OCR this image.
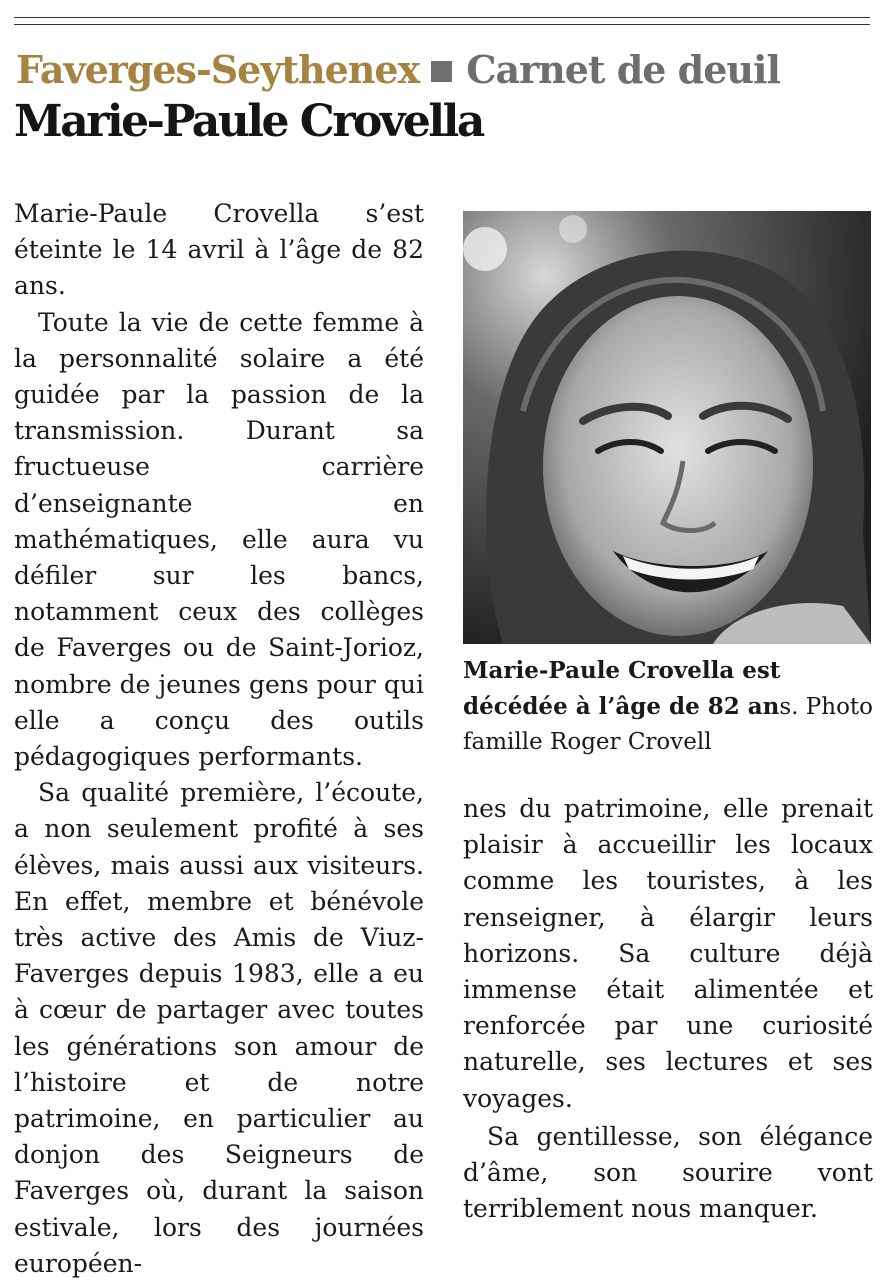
Faverges-Seythenex Carnet de deuil
Marie-Paule Crovella

Marie-Paule Crovella s’est éteinte le 14 avril à l’âge de 82 ans.

Toute la vie de cette femme à la personnalité solaire a été guidée par la passion de la transmission. Durant sa fructueuse carrière d’enseignante en mathématiques, elle aura vu défiler sur les bancs, notamment ceux des collèges de Faverges ou de Saint-Jorioz, nombre de jeunes gens pour qui elle a conçu des outils pédagogiques performants.

Sa qualité première, l’écoute, a non seulement profité à ses élèves, mais aussi aux visiteurs. En effet, membre et bénévole très active des Amis de Viuz-Faverges depuis 1983, elle a eu à cœur de partager avec toutes les générations son amour de l’histoire et de notre patrimoine, en particulier au donjon des Seigneurs de Faverges où, durant la saison estivale, lors des journées européen-

Marie-Paule Crovella est décédée à l’âge de 82 ans. Photo famille Roger Crovell

nes du patrimoine, elle prenait plaisir à accueillir les locaux comme les touristes, à les renseigner, à élargir leurs horizons. Sa culture déjà immense était alimentée et renforcée par une curiosité naturelle, ses lectures et ses voyages.

Sa gentillesse, son élégance d’âme, son sourire vont terriblement nous manquer.
